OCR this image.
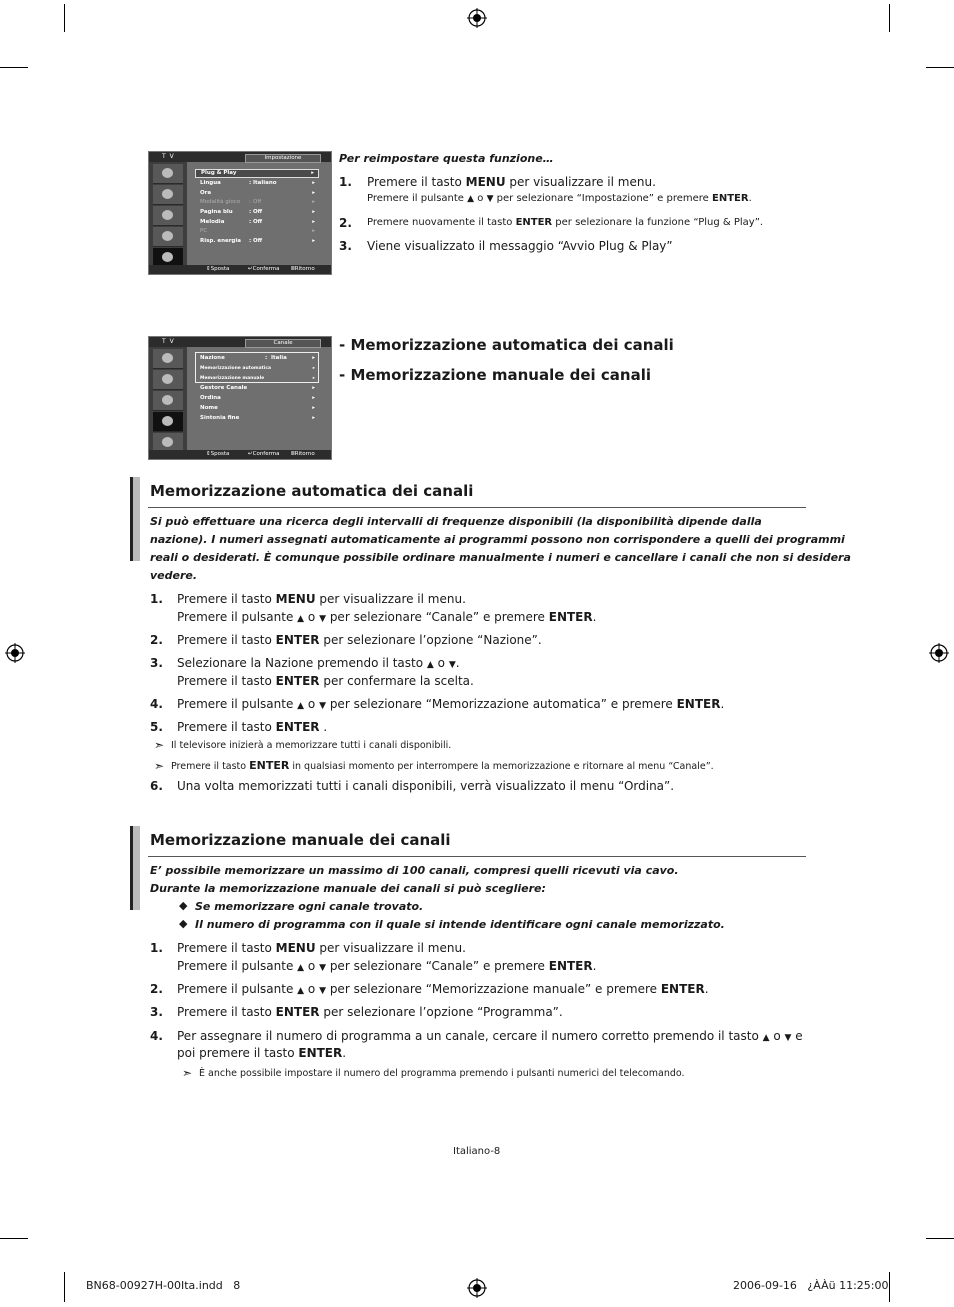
T V	Impostazione
Plug & Play	▸
Lingua	: Italiano	▸
Ora	▸
Modalità gioco : Off	▸
Pagina blu	: Off	▸
Melodia	: Off	▸
PC	▸
Risp. energia : Off	▸
⇕Sposta	↵Conferma ⅢRitorno
Per reimpostare questa funzione…
1. Premere il tasto MENU per visualizzare il menu.
Premere il pulsante ▲ o ▼ per selezionare “Impostazione” e premere ENTER.
2. Premere nuovamente il tasto ENTER per selezionare la funzione “Plug & Play”.
3. Viene visualizzato il messaggio “Avvio Plug & Play”
T V	Canale
Nazione	: Italia	▸
Memorizzazione automatica	▸
Memorizzazione manuale	▸
Gestore Canale	▸
Ordina	▸
Nome	▸
Sintonia fine	▸
⇕Sposta	↵Conferma ⅢRitorno
- Memorizzazione automatica dei canali
- Memorizzazione manuale dei canali
Memorizzazione automatica dei canali
Si può effettuare una ricerca degli intervalli di frequenze disponibili (la disponibilità dipende dalla
nazione). I numeri assegnati automaticamente ai programmi possono non corrispondere a quelli dei programmi
reali o desiderati. È comunque possibile ordinare manualmente i numeri e cancellare i canali che non si desidera
vedere.
1. Premere il tasto MENU per visualizzare il menu.
Premere il pulsante ▲ o ▼ per selezionare “Canale” e premere ENTER.
2. Premere il tasto ENTER per selezionare l’opzione “Nazione”.
3. Selezionare la Nazione premendo il tasto ▲ o ▼.
Premere il tasto ENTER per confermare la scelta.
4. Premere il pulsante ▲ o ▼ per selezionare “Memorizzazione automatica” e premere ENTER.
5. Premere il tasto ENTER .
➣ Il televisore inizierà a memorizzare tutti i canali disponibili.
➣ Premere il tasto ENTER in qualsiasi momento per interrompere la memorizzazione e ritornare al menu “Canale”.
6. Una volta memorizzati tutti i canali disponibili, verrà visualizzato il menu “Ordina”.
Memorizzazione manuale dei canali
E’ possibile memorizzare un massimo di 100 canali, compresi quelli ricevuti via cavo.
Durante la memorizzazione manuale dei canali si può scegliere:
◆ Se memorizzare ogni canale trovato.
◆ Il numero di programma con il quale si intende identificare ogni canale memorizzato.
1. Premere il tasto MENU per visualizzare il menu.
Premere il pulsante ▲ o ▼ per selezionare “Canale” e premere ENTER.
2. Premere il pulsante ▲ o ▼ per selezionare “Memorizzazione manuale” e premere ENTER.
3. Premere il tasto ENTER per selezionare l’opzione “Programma”.
4. Per assegnare il numero di programma a un canale, cercare il numero corretto premendo il tasto ▲ o ▼ e
poi premere il tasto ENTER.
➣ È anche possibile impostare il numero del programma premendo i pulsanti numerici del telecomando.
Italiano-8
BN68-00927H-00Ita.indd   8	2006-09-16   ¿ÀÀü 11:25:00
